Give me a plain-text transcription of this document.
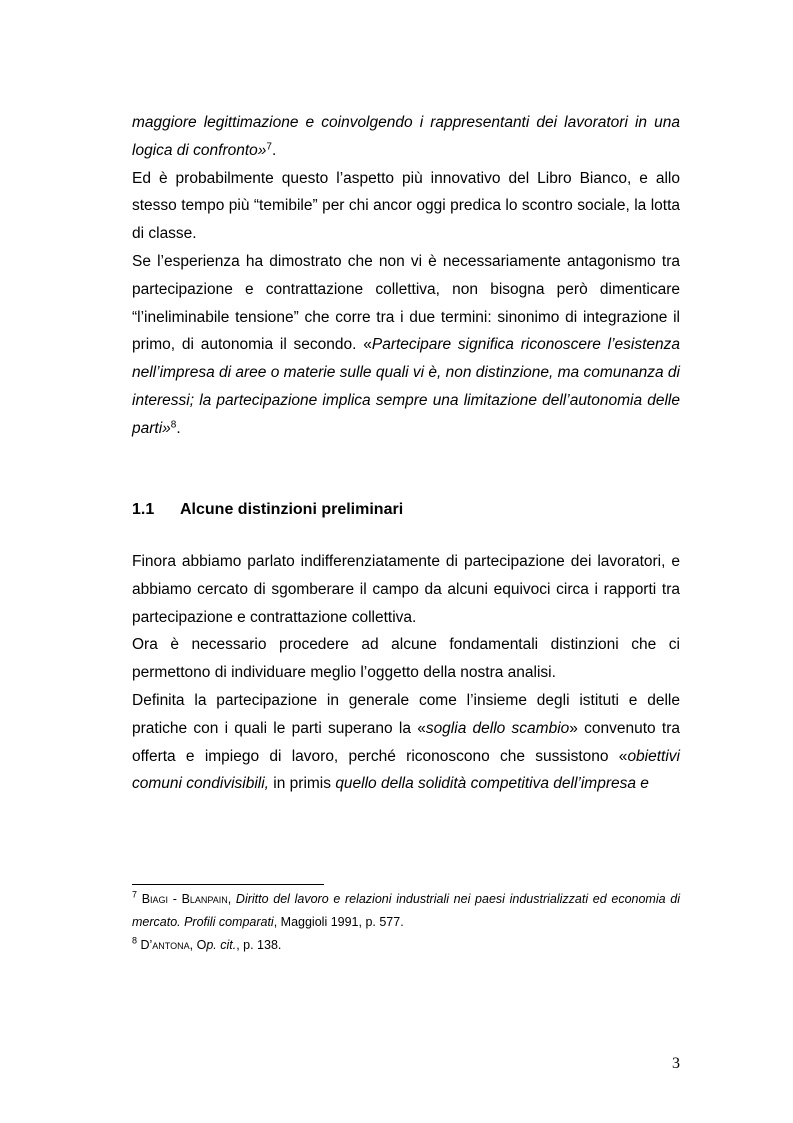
maggiore legittimazione e coinvolgendo i rappresentanti dei lavoratori in una logica di confronto»$^7$.

Ed è probabilmente questo l’aspetto più innovativo del Libro Bianco, e allo stesso tempo più “temibile” per chi ancor oggi predica lo scontro sociale, la lotta di classe.

Se l’esperienza ha dimostrato che non vi è necessariamente antagonismo tra partecipazione e contrattazione collettiva, non bisogna però dimenticare “l’ineliminabile tensione” che corre tra i due termini: sinonimo di integrazione il primo, di autonomia il secondo. «Partecipare significa riconoscere l’esistenza nell’impresa di aree o materie sulle quali vi è, non distinzione, ma comunanza di interessi; la partecipazione implica sempre una limitazione dell’autonomia delle parti»$^8$.

1.1 Alcune distinzioni preliminari

Finora abbiamo parlato indifferenziatamente di partecipazione dei lavoratori, e abbiamo cercato di sgomberare il campo da alcuni equivoci circa i rapporti tra partecipazione e contrattazione collettiva.

Ora è necessario procedere ad alcune fondamentali distinzioni che ci permettono di individuare meglio l’oggetto della nostra analisi.

Definita la partecipazione in generale come l’insieme degli istituti e delle pratiche con i quali le parti superano la «soglia dello scambio» convenuto tra offerta e impiego di lavoro, perché riconoscono che sussistono «obiettivi comuni condivisibili, in primis quello della solidità competitiva dell’impresa e

$^7$ Biagi - Blanpain, Diritto del lavoro e relazioni industriali nei paesi industrializzati ed economia di mercato. Profili comparati, Maggioli 1991, p. 577.

$^8$ D’antona, Op. cit., p. 138.

3
